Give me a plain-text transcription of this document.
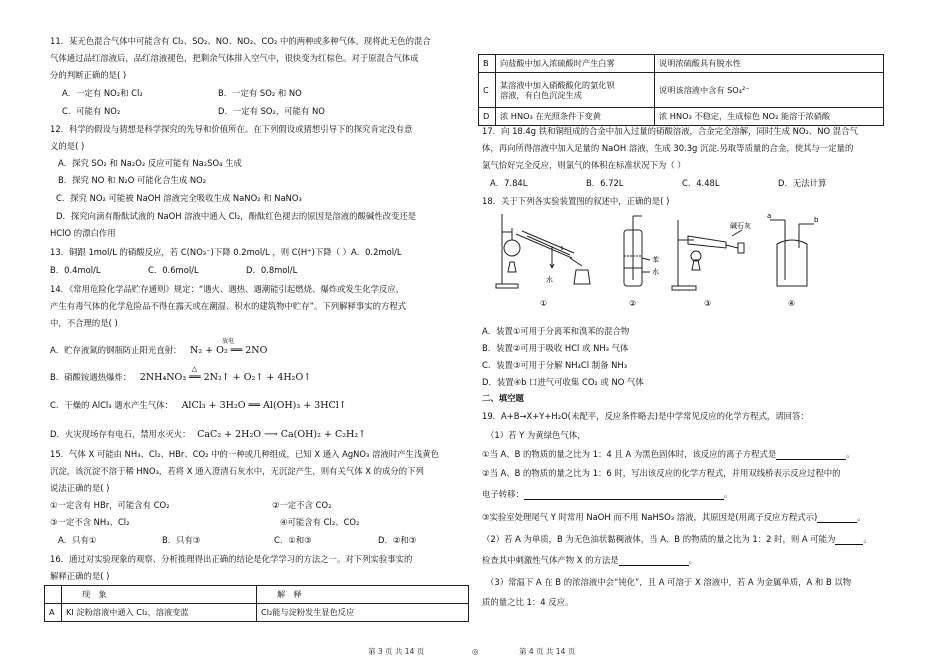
11．某无色混合气体中可能含有 Cl₂、SO₂、NO、NO₂、CO₂ 中的两种或多种气体。现将此无色的混合
气体通过品红溶液后，品红溶液褪色，把剩余气体排入空气中，很快变为红棕色。对于原混合气体成
分的判断正确的是( )
A．一定有 NO₂和 Cl₂	B．一定有 SO₂ 和 NO
C．可能有 NO₂	D．一定有 SO₂，可能有 NO
12．科学的假设与猜想是科学探究的先导和价值所在。在下列假设或猜想引导下的探究肯定没有意
义的是( )
A．探究 SO₂ 和 Na₂O₂ 反应可能有 Na₂SO₄ 生成
B．探究 NO 和 N₂O 可能化合生成 NO₂
C．探究 NO₂ 可能被 NaOH 溶液完全吸收生成 NaNO₂ 和 NaNO₃
D．探究向滴有酚酞试液的 NaOH 溶液中通入 Cl₂，酚酞红色褪去的原因是溶液的酸碱性改变还是
HClO 的漂白作用
13．铜跟 1mol/L 的硝酸反应，若 C(NO₃⁻)下降 0.2mol/L ，则 C(H⁺)下降（ ）A．0.2mol/L
B．0.4mol/L	C．0.6mol/L	D．0.8mol/L
14．《常用危险化学品贮存通则》规定：“遇火、遇热、遇潮能引起燃烧、爆炸或发生化学反应，
产生有毒气体的化学危险品不得在露天或在潮湿、积水的建筑物中贮存”。下列解释事实的方程式
中，不合理的是( )
A．贮存液氮的钢瓶防止阳光直射： N₂ + O₂ ══ 2NO
放电
B．硝酸铵遇热爆炸： 2NH₄NO₃ ══ 2N₂↑ + O₂↑ + 4H₂O↑
△
C．干燥的 AlCl₃ 遇水产生气体： AlCl₃ + 3H₂O ══ Al(OH)₃ + 3HCl↑
D．火灾现场存有电石，禁用水灭火： CaC₂ + 2H₂O ⟶ Ca(OH)₂ + C₂H₂↑
15．气体 X 可能由 NH₃、Cl₂、HBr、CO₂ 中的一种或几种组成，已知 X 通入 AgNO₃ 溶液时产生浅黄色
沉淀，该沉淀不溶于稀 HNO₃，若将 X 通入澄清石灰水中，无沉淀产生，则有关气体 X 的成分的下列
说法正确的是( )
①一定含有 HBr，可能含有 CO₂	②一定不含 CO₂
③一定不含 NH₃、Cl₂	④可能含有 Cl₂、CO₂
A．只有①	B．只有③	C．①和③	D．②和③
16．通过对实验现象的观察、分析推理得出正确的结论是化学学习的方法之一。对下列实验事实的
解释正确的是( )
	现　象	解　释
A	KI 淀粉溶液中通入 Cl₂，溶液变蓝	Cl₂能与淀粉发生显色反应
B	向盐酸中加入浓硫酸时产生白雾	说明浓硫酸具有脱水性
C	某溶液中加入硝酸酸化的氯化钡
溶液，有白色沉淀生成	说明该溶液中含有 SO₄²⁻
D	浓 HNO₃ 在光照条件下变黄	浓 HNO₃ 不稳定，生成棕色 NO₂ 能溶于浓硝酸
17．向 18.4g 铁和铜组成的合金中加入过量的硝酸溶液，合金完全溶解，同时生成 NO₂、NO 混合气
体，再向所得溶液中加入足量的 NaOH 溶液，生成 30.3g 沉淀.另取等质量的合金，使其与一定量的
氯气恰好完全反应，则氯气的体积在标准状况下为（ ）
A．7.84L	B．6.72L	C．4.48L	D．无法计算
18．关于下列各实验装置图的叙述中，正确的是( )
水
苯
水
碱石灰
a	b
①	②	③	④
A．装置①可用于分离苯和溴苯的混合物
B．装置②可用于吸收 HCl 或 NH₃ 气体
C．装置③可用于分解 NH₄Cl 制备 NH₃
D．装置④b 口进气可收集 CO₂ 或 NO 气体
二、填空题
19．A+B→X+Y+H₂O(未配平，反应条件略去)是中学常见反应的化学方程式，请回答：
（1）若 Y 为黄绿色气体，
①当 A、B 的物质的量之比为 1：4 且 A 为黑色固体时，该反应的离子方程式是	。
②当 A、B 的物质的量之比为 1：6 时，写出该反应的化学方程式，并用双线桥表示反应过程中的
电子转移：	。
③实验室处理尾气 Y 时常用 NaOH 而不用 NaHSO₃ 溶液，其原因是(用离子反应方程式示)	。
（2）若 A 为单质，B 为无色油状黏稠液体，当 A、B 的物质的量之比为 1：2 时，则 A 可能为	。
检查其中刺激性气体产物 X 的方法是	。
（3）常温下 A 在 B 的浓溶液中会“钝化”，且 A 可溶于 X 溶液中，若 A 为金属单质，A 和 B 以物
质的量之比 1：4 反应。
第 3 页 共 14 页	◎	第 4 页 共 14 页
